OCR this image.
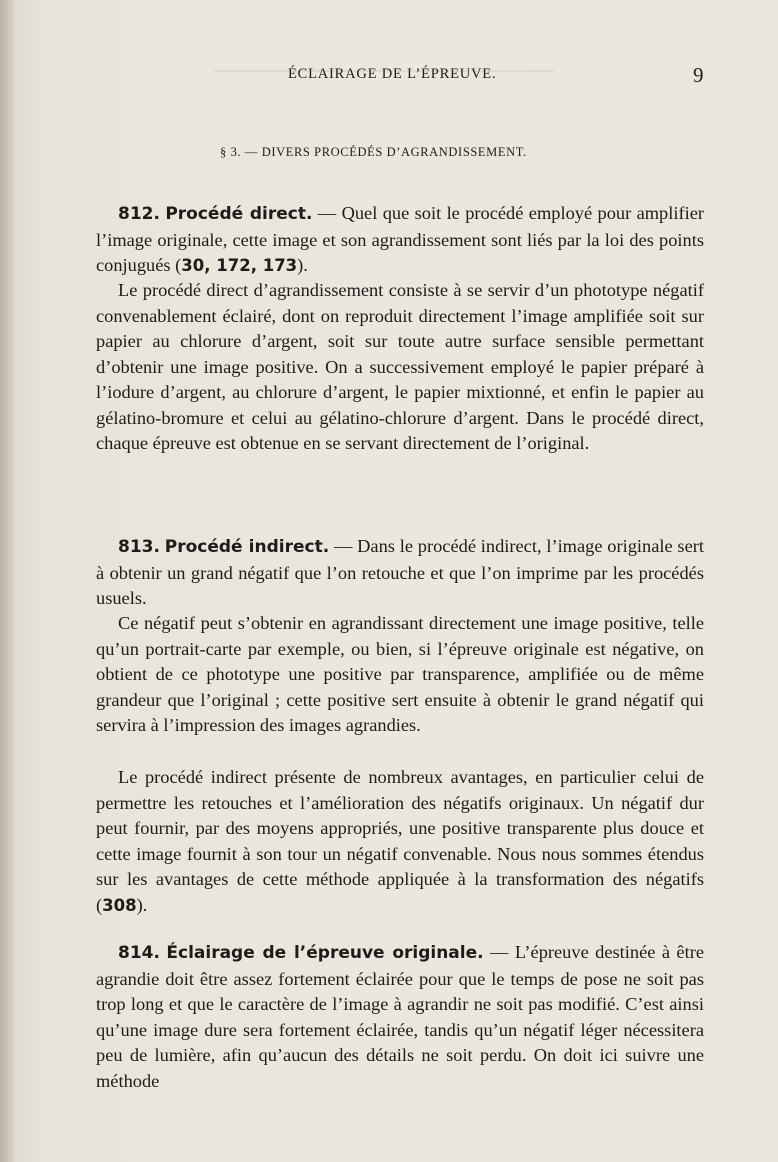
ÉCLAIRAGE DE L’ÉPREUVE.	9
§ 3. — DIVERS PROCÉDÉS D’AGRANDISSEMENT.

812. Procédé direct. — Quel que soit le procédé employé pour amplifier l’image originale, cette image et son agrandissement sont liés par la loi des points conjugués (30, 172, 173).

Le procédé direct d’agrandissement consiste à se servir d’un phototype négatif convenablement éclairé, dont on reproduit directement l’image amplifiée soit sur papier au chlorure d’argent, soit sur toute autre surface sensible permettant d’obtenir une image positive. On a successivement employé le papier préparé à l’iodure d’argent, au chlorure d’argent, le papier mixtionné, et enfin le papier au gélatino-bromure et celui au gélatino-chlorure d’argent. Dans le procédé direct, chaque épreuve est obtenue en se servant directement de l’original.

813. Procédé indirect. — Dans le procédé indirect, l’image originale sert à obtenir un grand négatif que l’on retouche et que l’on imprime par les procédés usuels.

Ce négatif peut s’obtenir en agrandissant directement une image positive, telle qu’un portrait-carte par exemple, ou bien, si l’épreuve originale est négative, on obtient de ce phototype une positive par transparence, amplifiée ou de même grandeur que l’original ; cette positive sert ensuite à obtenir le grand négatif qui servira à l’impression des images agrandies.

Le procédé indirect présente de nombreux avantages, en particulier celui de permettre les retouches et l’amélioration des négatifs originaux. Un négatif dur peut fournir, par des moyens appropriés, une positive transparente plus douce et cette image fournit à son tour un négatif convenable. Nous nous sommes étendus sur les avantages de cette méthode appliquée à la transformation des négatifs (308).

814. Éclairage de l’épreuve originale. — L’épreuve destinée à être agrandie doit être assez fortement éclairée pour que le temps de pose ne soit pas trop long et que le caractère de l’image à agrandir ne soit pas modifié. C’est ainsi qu’une image dure sera fortement éclairée, tandis qu’un négatif léger nécessitera peu de lumière, afin qu’aucun des détails ne soit perdu. On doit ici suivre une méthode
